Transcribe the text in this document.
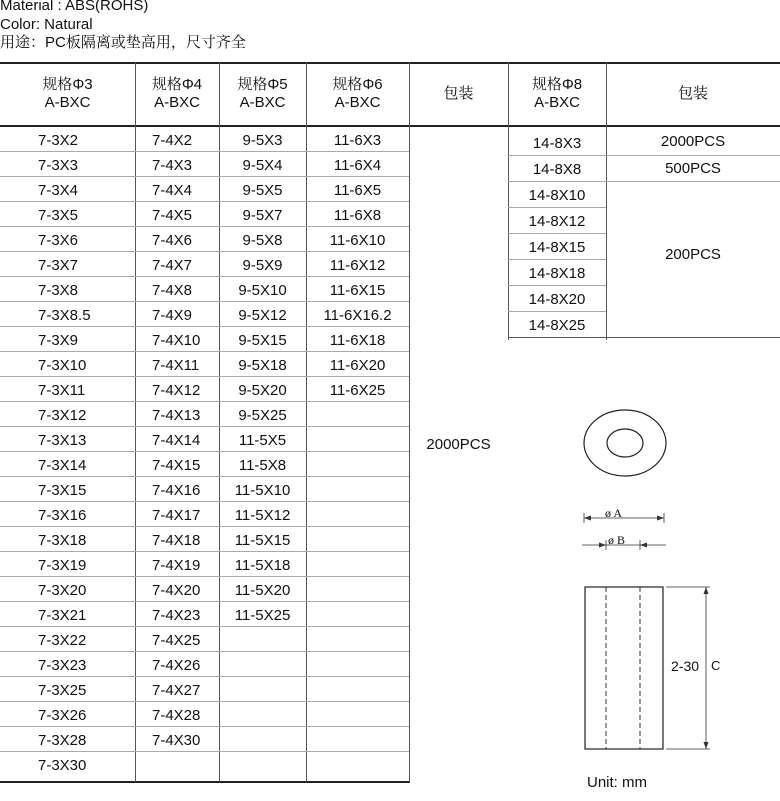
Material : ABS(ROHS)
Color: Natural
用途：PC板隔离或垫高用，尺寸齐全
规格Φ3
A-BXC
规格Φ4
A-BXC
规格Φ5
A-BXC
规格Φ6
A-BXC
包装
规格Φ8
A-BXC
包装
7-3X2
7-3X3
7-3X4
7-3X5
7-3X6
7-3X7
7-3X8
7-3X8.5
7-3X9
7-3X10
7-3X11
7-3X12
7-3X13
7-3X14
7-3X15
7-3X16
7-3X18
7-3X19
7-3X20
7-3X21
7-3X22
7-3X23
7-3X25
7-3X26
7-3X28
7-3X30
7-4X2
7-4X3
7-4X4
7-4X5
7-4X6
7-4X7
7-4X8
7-4X9
7-4X10
7-4X11
7-4X12
7-4X13
7-4X14
7-4X15
7-4X16
7-4X17
7-4X18
7-4X19
7-4X20
7-4X23
7-4X25
7-4X26
7-4X27
7-4X28
7-4X30
9-5X3
9-5X4
9-5X5
9-5X7
9-5X8
9-5X9
9-5X10
9-5X12
9-5X15
9-5X18
9-5X20
9-5X25
11-5X5
11-5X8
11-5X10
11-5X12
11-5X15
11-5X18
11-5X20
11-5X25
11-6X3
11-6X4
11-6X5
11-6X8
11-6X10
11-6X12
11-6X15
11-6X16.2
11-6X18
11-6X20
11-6X25
14-8X3
14-8X8
14-8X10
14-8X12
14-8X15
14-8X18
14-8X20
14-8X25
2000PCS
2000PCS
500PCS
200PCS
ø A
ø B
2-30 C
Unit: mm
